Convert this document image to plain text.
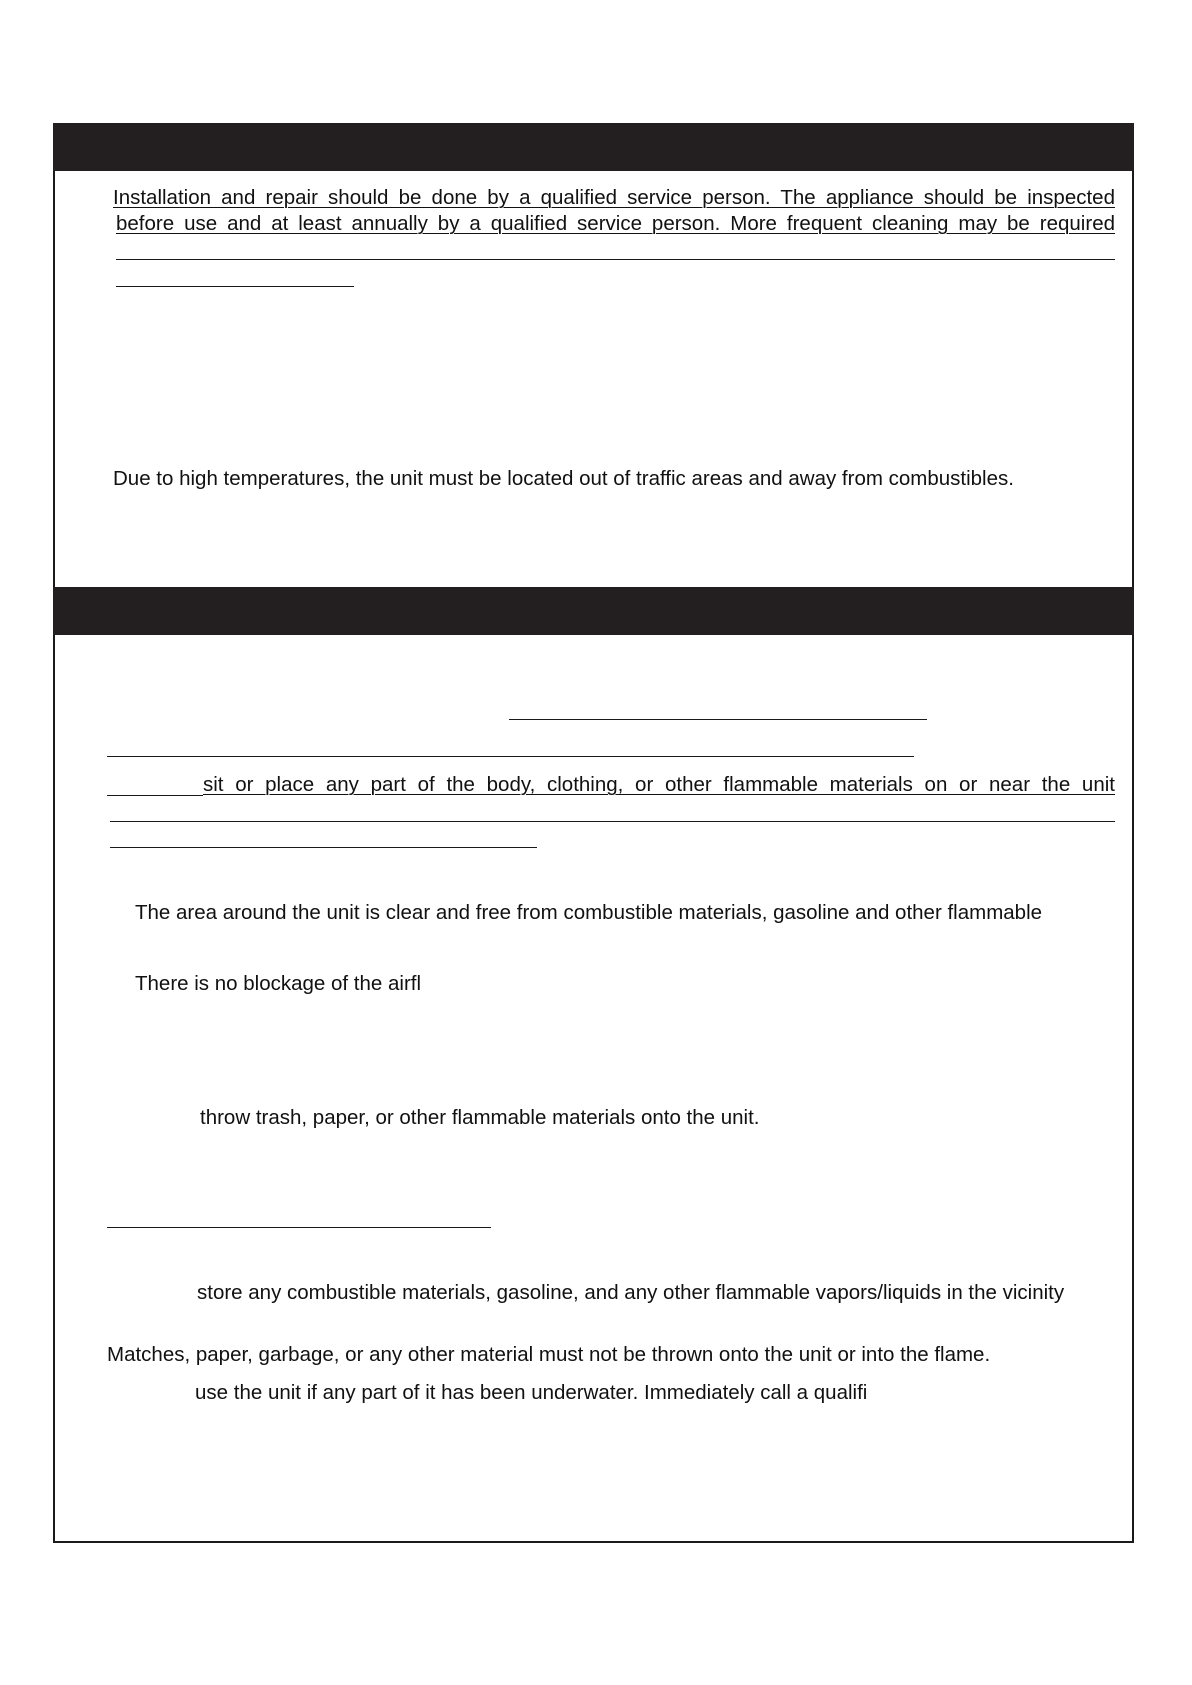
Installation and repair should be done by a qualified service person. The appliance should be inspected
before use and at least annually by a qualified service person. More frequent cleaning may be required
Due to high temperatures, the unit must be located out of traffic areas and away from combustibles.
sit or place any part of the body, clothing, or other flammable materials on or near the unit
The area around the unit is clear and free from combustible materials, gasoline and other flammable
There is no blockage of the airfl
throw trash, paper, or other flammable materials onto the unit.
store any combustible materials, gasoline, and any other flammable vapors/liquids in the vicinity
Matches, paper, garbage, or any other material must not be thrown onto the unit or into the flame.
use the unit if any part of it has been underwater. Immediately call a qualifi
